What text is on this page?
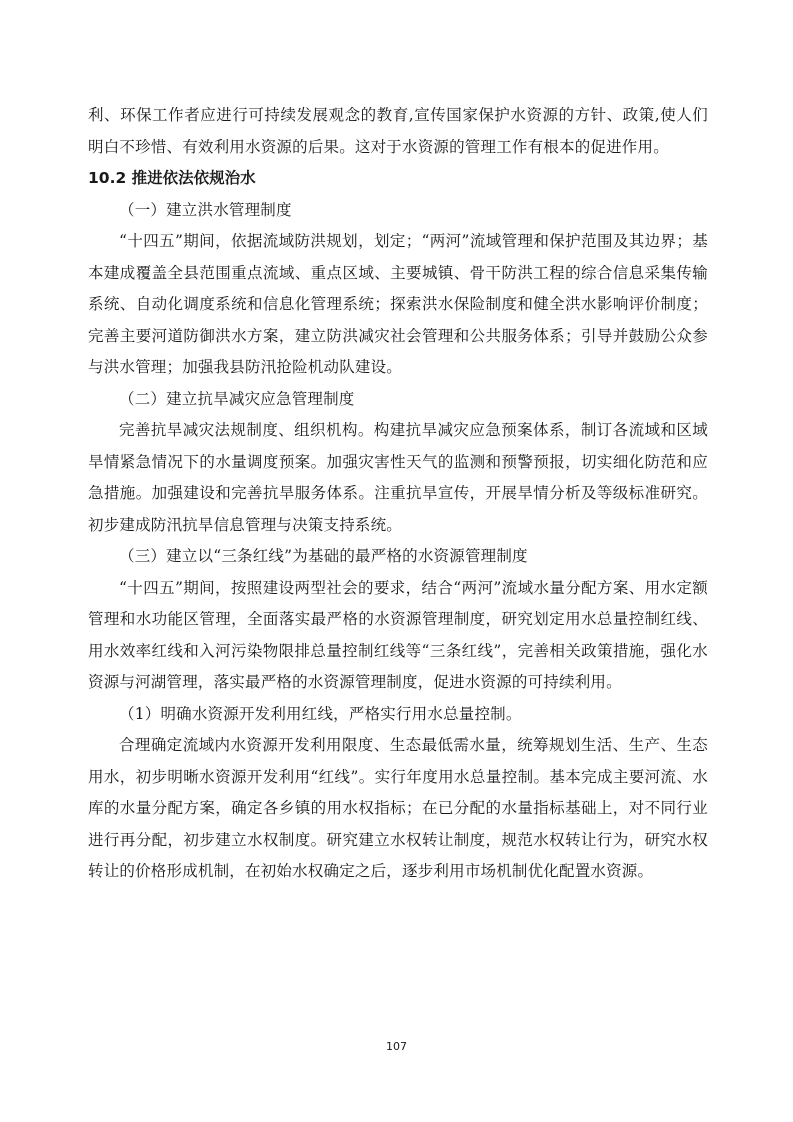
利、环保工作者应进行可持续发展观念的教育,宣传国家保护水资源的方针、政策,使人们明白不珍惜、有效利用水资源的后果。这对于水资源的管理工作有根本的促进作用。

10.2 推进依法依规治水

（一）建立洪水管理制度

“十四五”期间，依据流域防洪规划，划定；“两河”流域管理和保护范围及其边界；基本建成覆盖全县范围重点流域、重点区域、主要城镇、骨干防洪工程的综合信息采集传输系统、自动化调度系统和信息化管理系统；探索洪水保险制度和健全洪水影响评价制度；完善主要河道防御洪水方案，建立防洪减灾社会管理和公共服务体系；引导并鼓励公众参与洪水管理；加强我县防汛抢险机动队建设。

（二）建立抗旱减灾应急管理制度

完善抗旱减灾法规制度、组织机构。构建抗旱减灾应急预案体系，制订各流域和区域旱情紧急情况下的水量调度预案。加强灾害性天气的监测和预警预报，切实细化防范和应急措施。加强建设和完善抗旱服务体系。注重抗旱宣传，开展旱情分析及等级标准研究。初步建成防汛抗旱信息管理与决策支持系统。

（三）建立以“三条红线”为基础的最严格的水资源管理制度

“十四五”期间，按照建设两型社会的要求，结合“两河”流域水量分配方案、用水定额管理和水功能区管理，全面落实最严格的水资源管理制度，研究划定用水总量控制红线、用水效率红线和入河污染物限排总量控制红线等“三条红线”，完善相关政策措施，强化水资源与河湖管理，落实最严格的水资源管理制度，促进水资源的可持续利用。

（1）明确水资源开发利用红线，严格实行用水总量控制。

合理确定流域内水资源开发利用限度、生态最低需水量，统筹规划生活、生产、生态用水，初步明晰水资源开发利用“红线”。实行年度用水总量控制。基本完成主要河流、水库的水量分配方案，确定各乡镇的用水权指标；在已分配的水量指标基础上，对不同行业进行再分配，初步建立水权制度。研究建立水权转让制度，规范水权转让行为，研究水权转让的价格形成机制，在初始水权确定之后，逐步利用市场机制优化配置水资源。

107
